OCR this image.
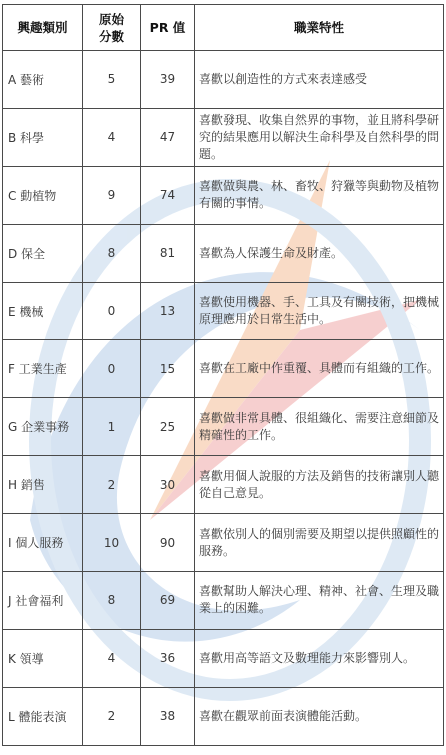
興趣類別	原始分數	PR 值	職業特性
A 藝術	5	39	喜歡以創造性的方式來表達感受
B 科學	4	47	喜歡發現、收集自然界的事物，並且將科學研究的結果應用以解決生命科學及自然科學的問題。
C 動植物	9	74	喜歡做與農、林、畜牧、狩獵等與動物及植物有關的事情。
D 保全	8	81	喜歡為人保護生命及財產。
E 機械	0	13	喜歡使用機器、手、工具及有關技術，把機械原理應用於日常生活中。
F 工業生產	0	15	喜歡在工廠中作重覆、具體而有組織的工作。
G 企業事務	1	25	喜歡做非常具體、很組織化、需要注意細節及精確性的工作。
H 銷售	2	30	喜歡用個人說服的方法及銷售的技術讓別人聽從自己意見。
I 個人服務	10	90	喜歡依別人的個別需要及期望以提供照顧性的服務。
J 社會福利	8	69	喜歡幫助人解決心理、精神、社會、生理及職業上的困難。
K 領導	4	36	喜歡用高等語文及數理能力來影響別人。
L 體能表演	2	38	喜歡在觀眾前面表演體能活動。
